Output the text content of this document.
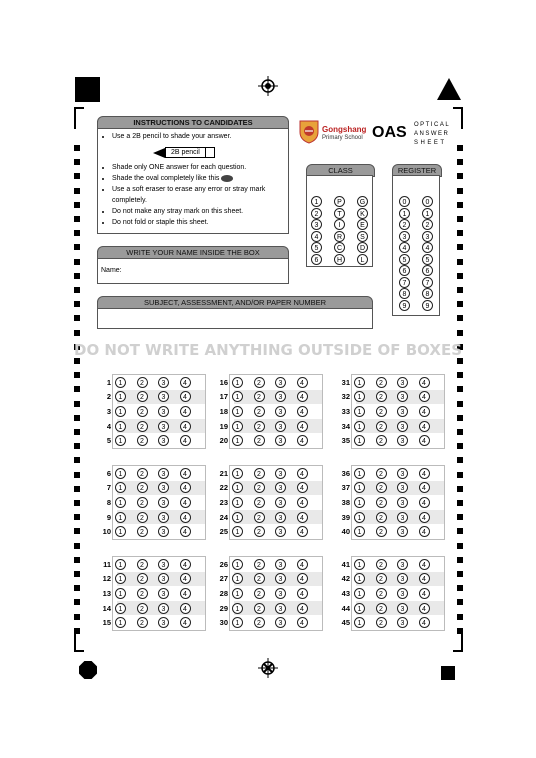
INSTRUCTIONS TO CANDIDATES
• Use a 2B pencil to shade your answer.
2B pencil
• Shade only ONE answer for each question.
• Shade the oval completely like this
• Use a soft eraser to erase any error or stray mark completely.
• Do not make any stray mark on this sheet.
• Do not fold or staple this sheet.
Gongshang
Primary School OAS OPTICAL
ANSWER
SHEET
CLASS
1	P	G
2	T	K
3	I	E
4	R	S
5	C	D
6	H	L
REGISTER
0	0
1	1
2	2
3	3
4	4
5	5
6	6
7	7
8	8
9	9
WRITE YOUR NAME INSIDE THE BOX
Name:
SUBJECT, ASSESSMENT, AND/OR PAPER NUMBER
DO NOT WRITE ANYTHING OUTSIDE OF BOXES
1	1	2	3	4
2	1	2	3	4
3	1	2	3	4
4	1	2	3	4
5	1	2	3	4
16	1	2	3	4
17	1	2	3	4
18	1	2	3	4
19	1	2	3	4
20	1	2	3	4
31	1	2	3	4
32	1	2	3	4
33	1	2	3	4
34	1	2	3	4
35	1	2	3	4
6	1	2	3	4
7	1	2	3	4
8	1	2	3	4
9	1	2	3	4
10	1	2	3	4
21	1	2	3	4
22	1	2	3	4
23	1	2	3	4
24	1	2	3	4
25	1	2	3	4
36	1	2	3	4
37	1	2	3	4
38	1	2	3	4
39	1	2	3	4
40	1	2	3	4
11	1	2	3	4
12	1	2	3	4
13	1	2	3	4
14	1	2	3	4
15	1	2	3	4
26	1	2	3	4
27	1	2	3	4
28	1	2	3	4
29	1	2	3	4
30	1	2	3	4
41	1	2	3	4
42	1	2	3	4
43	1	2	3	4
44	1	2	3	4
45	1	2	3	4
